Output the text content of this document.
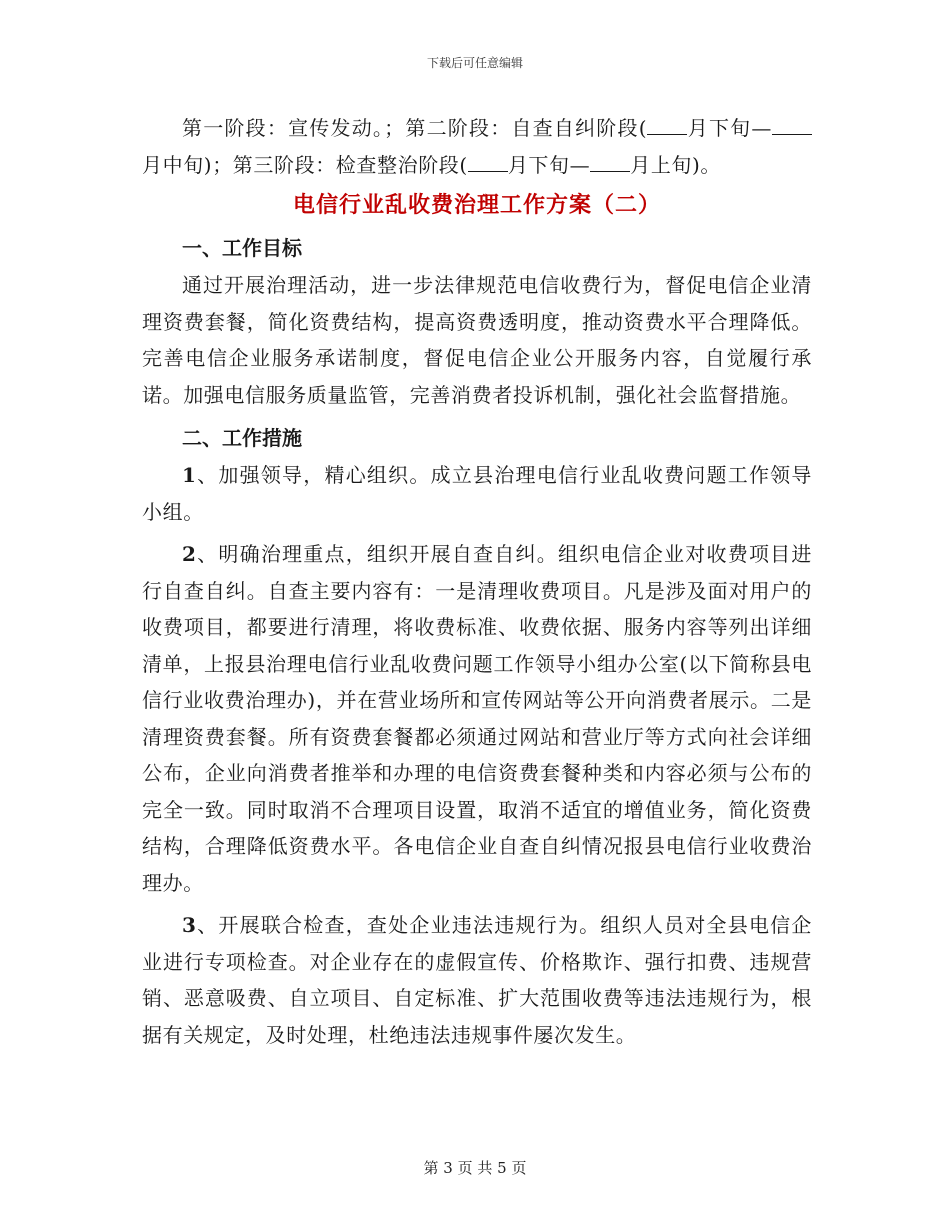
下载后可任意编辑

第一阶段：宣传发动。；第二阶段：自查自纠阶段( 月下旬—月中旬)；第三阶段：检查整治阶段( 月下旬— 月上旬)。

电信行业乱收费治理工作方案（二）

一、工作目标

通过开展治理活动，进一步法律规范电信收费行为，督促电信企业清理资费套餐，简化资费结构，提高资费透明度，推动资费水平合理降低。完善电信企业服务承诺制度，督促电信企业公开服务内容，自觉履行承诺。加强电信服务质量监管，完善消费者投诉机制，强化社会监督措施。

二、工作措施

1、加强领导，精心组织。成立县治理电信行业乱收费问题工作领导小组。

2、明确治理重点，组织开展自查自纠。组织电信企业对收费项目进行自查自纠。自查主要内容有：一是清理收费项目。凡是涉及面对用户的收费项目，都要进行清理，将收费标准、收费依据、服务内容等列出详细清单，上报县治理电信行业乱收费问题工作领导小组办公室(以下简称县电信行业收费治理办)，并在营业场所和宣传网站等公开向消费者展示。二是清理资费套餐。所有资费套餐都必须通过网站和营业厅等方式向社会详细公布，企业向消费者推举和办理的电信资费套餐种类和内容必须与公布的完全一致。同时取消不合理项目设置，取消不适宜的增值业务，简化资费结构，合理降低资费水平。各电信企业自查自纠情况报县电信行业收费治理办。

3、开展联合检查，查处企业违法违规行为。组织人员对全县电信企业进行专项检查。对企业存在的虚假宣传、价格欺诈、强行扣费、违规营销、恶意吸费、自立项目、自定标准、扩大范围收费等违法违规行为，根据有关规定，及时处理，杜绝违法违规事件屡次发生。

第 3 页 共 5 页
